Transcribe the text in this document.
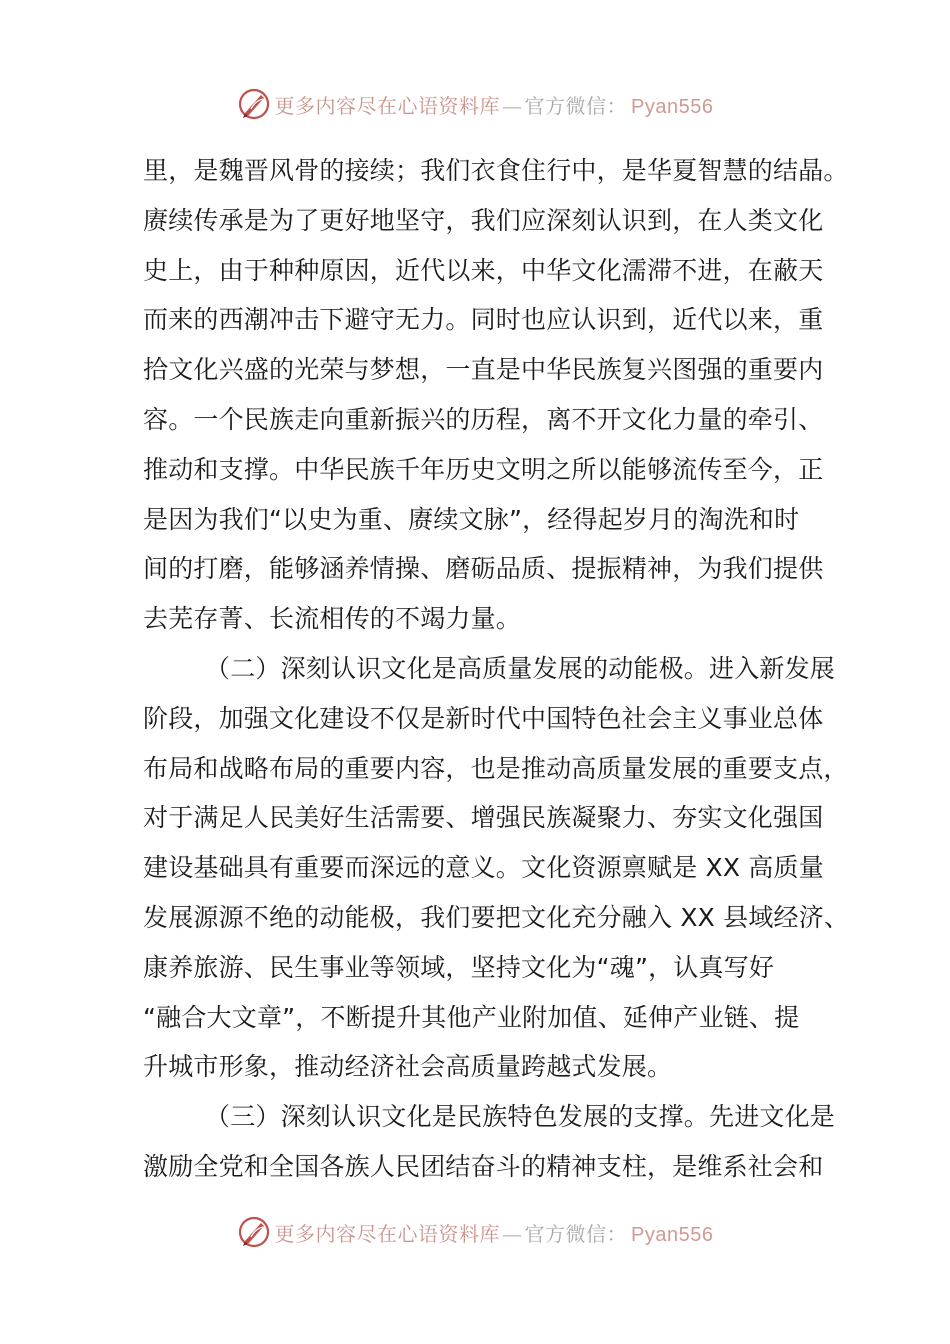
更多内容尽在心语资料库 — 官方微信： Pyan556
里，是魏晋风骨的接续；我们衣食住行中，是华夏智慧的结晶。
赓续传承是为了更好地坚守，我们应深刻认识到，在人类文化
史上，由于种种原因，近代以来，中华文化濡滞不进，在蔽天
而来的西潮冲击下避守无力。同时也应认识到，近代以来，重
拾文化兴盛的光荣与梦想，一直是中华民族复兴图强的重要内
容。一个民族走向重新振兴的历程，离不开文化力量的牵引、
推动和支撑。中华民族千年历史文明之所以能够流传至今，正
是因为我们“以史为重、赓续文脉”，经得起岁月的淘洗和时
间的打磨，能够涵养情操、磨砺品质、提振精神，为我们提供
去芜存菁、长流相传的不竭力量。
（二）深刻认识文化是高质量发展的动能极。进入新发展
阶段，加强文化建设不仅是新时代中国特色社会主义事业总体
布局和战略布局的重要内容，也是推动高质量发展的重要支点，
对于满足人民美好生活需要、增强民族凝聚力、夯实文化强国
建设基础具有重要而深远的意义。文化资源禀赋是 XX 高质量
发展源源不绝的动能极，我们要把文化充分融入 XX 县域经济、
康养旅游、民生事业等领域，坚持文化为“魂”，认真写好
“融合大文章”，不断提升其他产业附加值、延伸产业链、提
升城市形象，推动经济社会高质量跨越式发展。
（三）深刻认识文化是民族特色发展的支撑。先进文化是
激励全党和全国各族人民团结奋斗的精神支柱，是维系社会和
更多内容尽在心语资料库 — 官方微信： Pyan556
